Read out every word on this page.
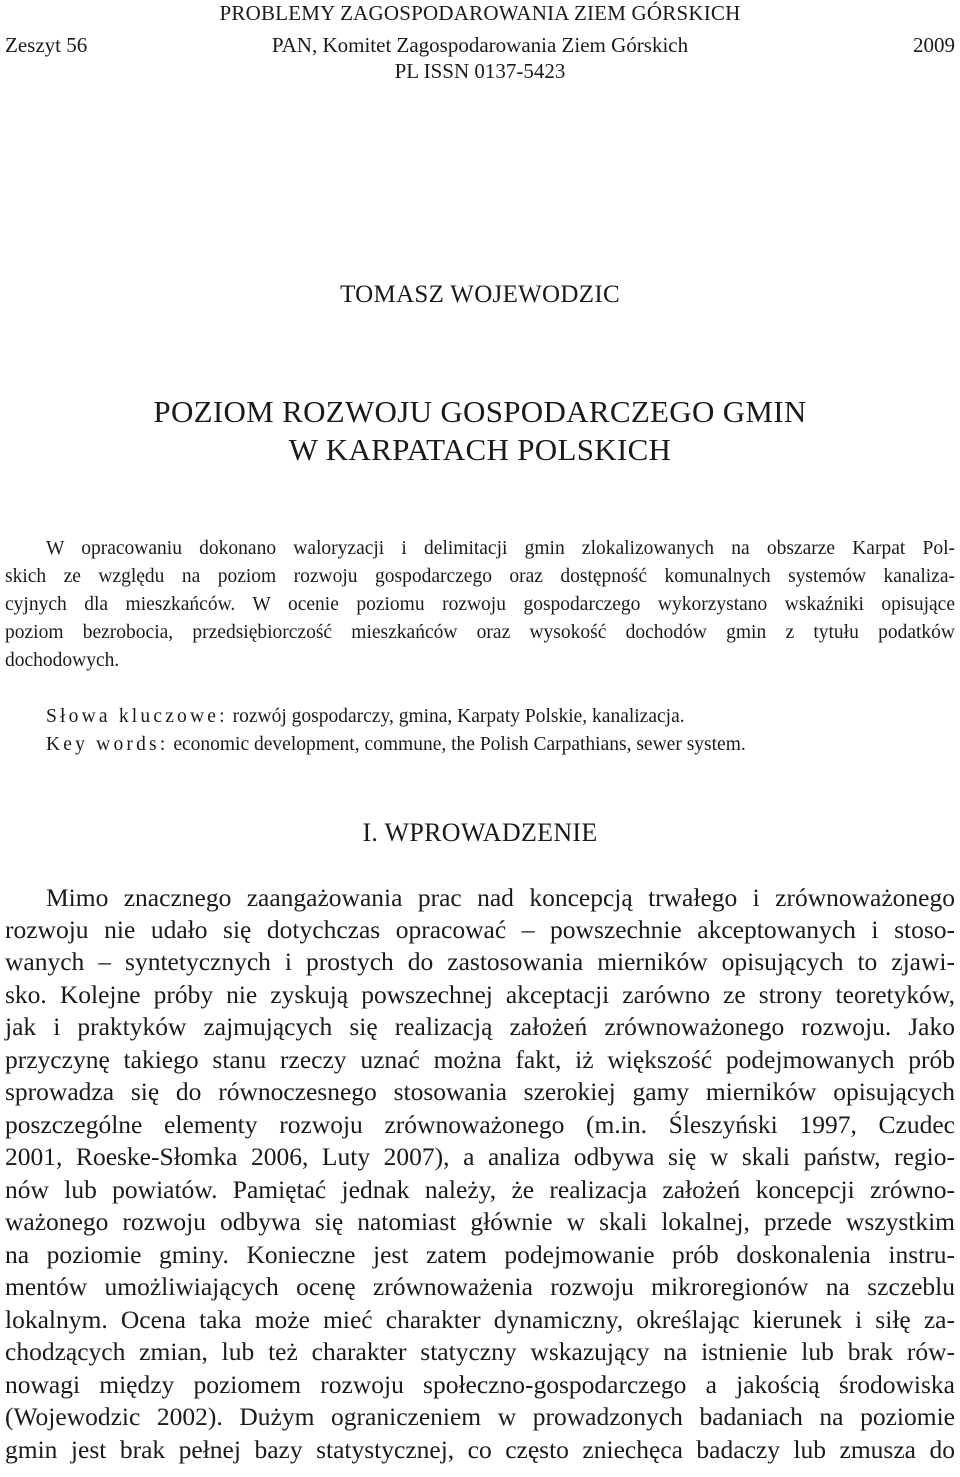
PROBLEMY ZAGOSPODAROWANIA ZIEM GÓRSKICH
PAN, Komitet Zagospodarowania Ziem Górskich
Zeszyt 56	2009
PL ISSN 0137-5423
TOMASZ WOJEWODZIC
POZIOM ROZWOJU GOSPODARCZEGO GMIN
W KARPATACH POLSKICH
W opracowaniu dokonano waloryzacji i delimitacji gmin zlokalizowanych na obszarze Karpat Pol-
skich ze względu na poziom rozwoju gospodarczego oraz dostępność komunalnych systemów kanaliza-
cyjnych dla mieszkańców. W ocenie poziomu rozwoju gospodarczego wykorzystano wskaźniki opisujące
poziom bezrobocia, przedsiębiorczość mieszkańców oraz wysokość dochodów gmin z tytułu podatków
dochodowych.
Słowa kluczowe: rozwój gospodarczy, gmina, Karpaty Polskie, kanalizacja.
Key words: economic development, commune, the Polish Carpathians, sewer system.
I. WPROWADZENIE
Mimo znacznego zaangażowania prac nad koncepcją trwałego i zrównoważonego
rozwoju nie udało się dotychczas opracować – powszechnie akceptowanych i stoso-
wanych – syntetycznych i prostych do zastosowania mierników opisujących to zjawi-
sko. Kolejne próby nie zyskują powszechnej akceptacji zarówno ze strony teoretyków,
jak i praktyków zajmujących się realizacją założeń zrównoważonego rozwoju. Jako
przyczynę takiego stanu rzeczy uznać można fakt, iż większość podejmowanych prób
sprowadza się do równoczesnego stosowania szerokiej gamy mierników opisujących
poszczególne elementy rozwoju zrównoważonego (m.in. Śleszyński 1997, Czudec
2001, Roeske-Słomka 2006, Luty 2007), a analiza odbywa się w skali państw, regio-
nów lub powiatów. Pamiętać jednak należy, że realizacja założeń koncepcji zrówno-
ważonego rozwoju odbywa się natomiast głównie w skali lokalnej, przede wszystkim
na poziomie gminy. Konieczne jest zatem podejmowanie prób doskonalenia instru-
mentów umożliwiających ocenę zrównoważenia rozwoju mikroregionów na szczeblu
lokalnym. Ocena taka może mieć charakter dynamiczny, określając kierunek i siłę za-
chodzących zmian, lub też charakter statyczny wskazujący na istnienie lub brak rów-
nowagi między poziomem rozwoju społeczno-gospodarczego a jakością środowiska
(Wojewodzic 2002). Dużym ograniczeniem w prowadzonych badaniach na poziomie
gmin jest brak pełnej bazy statystycznej, co często zniechęca badaczy lub zmusza do
